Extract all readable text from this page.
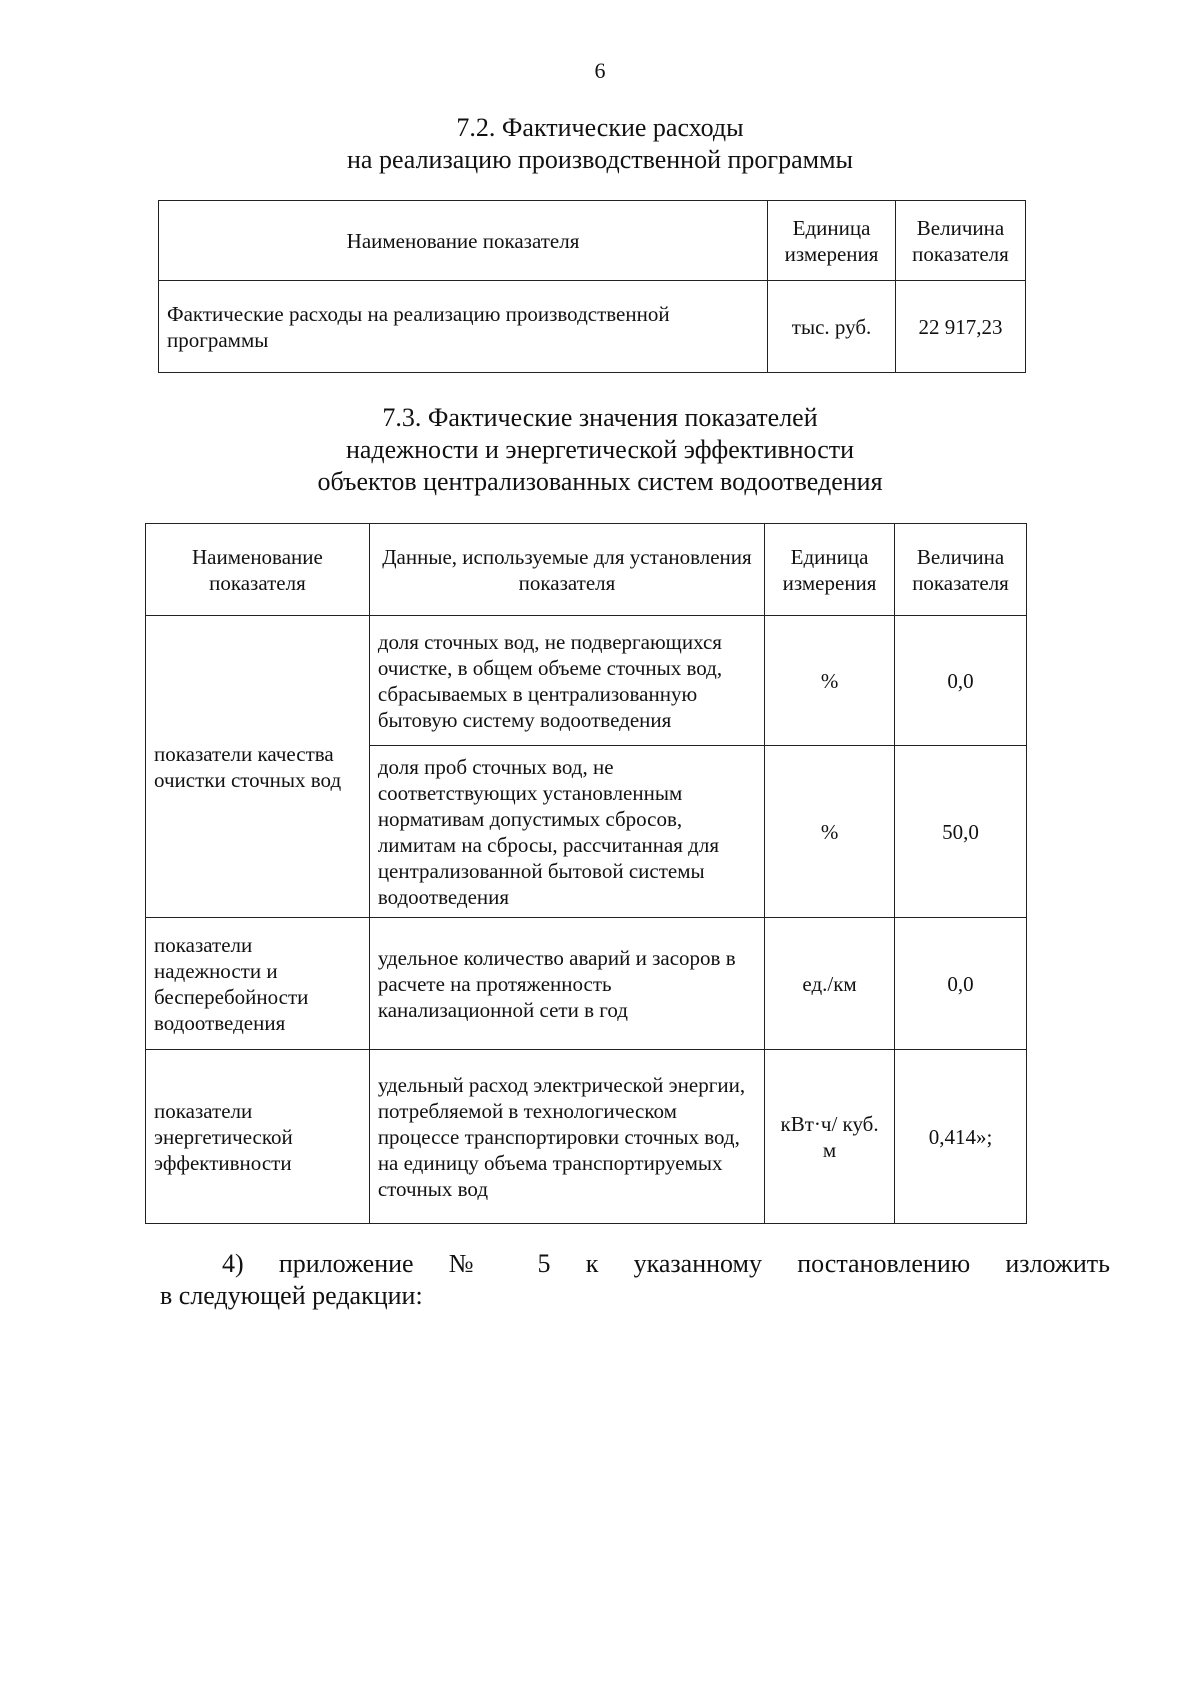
6
7.2. Фактические расходы
на реализацию производственной программы
Наименование показателя	Единица измерения	Величина показателя
Фактические расходы на реализацию производственной программы	тыс. руб.	22 917,23
7.3. Фактические значения показателей
надежности и энергетической эффективности
объектов централизованных систем водоотведения
Наименование показателя	Данные, используемые для установления показателя	Единица измерения	Величина показателя
показатели качества очистки сточных вод	доля сточных вод, не подвергающихся очистке, в общем объеме сточных вод, сбрасываемых в централизованную бытовую систему водоотведения	%	0,0
	доля проб сточных вод, не соответствующих установленным нормативам допустимых сбросов, лимитам на сбросы, рассчитанная для централизованной бытовой системы водоотведения	%	50,0
показатели надежности и бесперебойности водоотведения	удельное количество аварий и засоров в расчете на протяженность канализационной сети в год	ед./км	0,0
показатели энергетической эффективности	удельный расход электрической энергии, потребляемой в технологическом процессе транспортировки сточных вод, на единицу объема транспортируемых сточных вод	кВт·ч/ куб. м	0,414»;
4) приложение № 5 к указанному постановлению изложить
в следующей редакции:
